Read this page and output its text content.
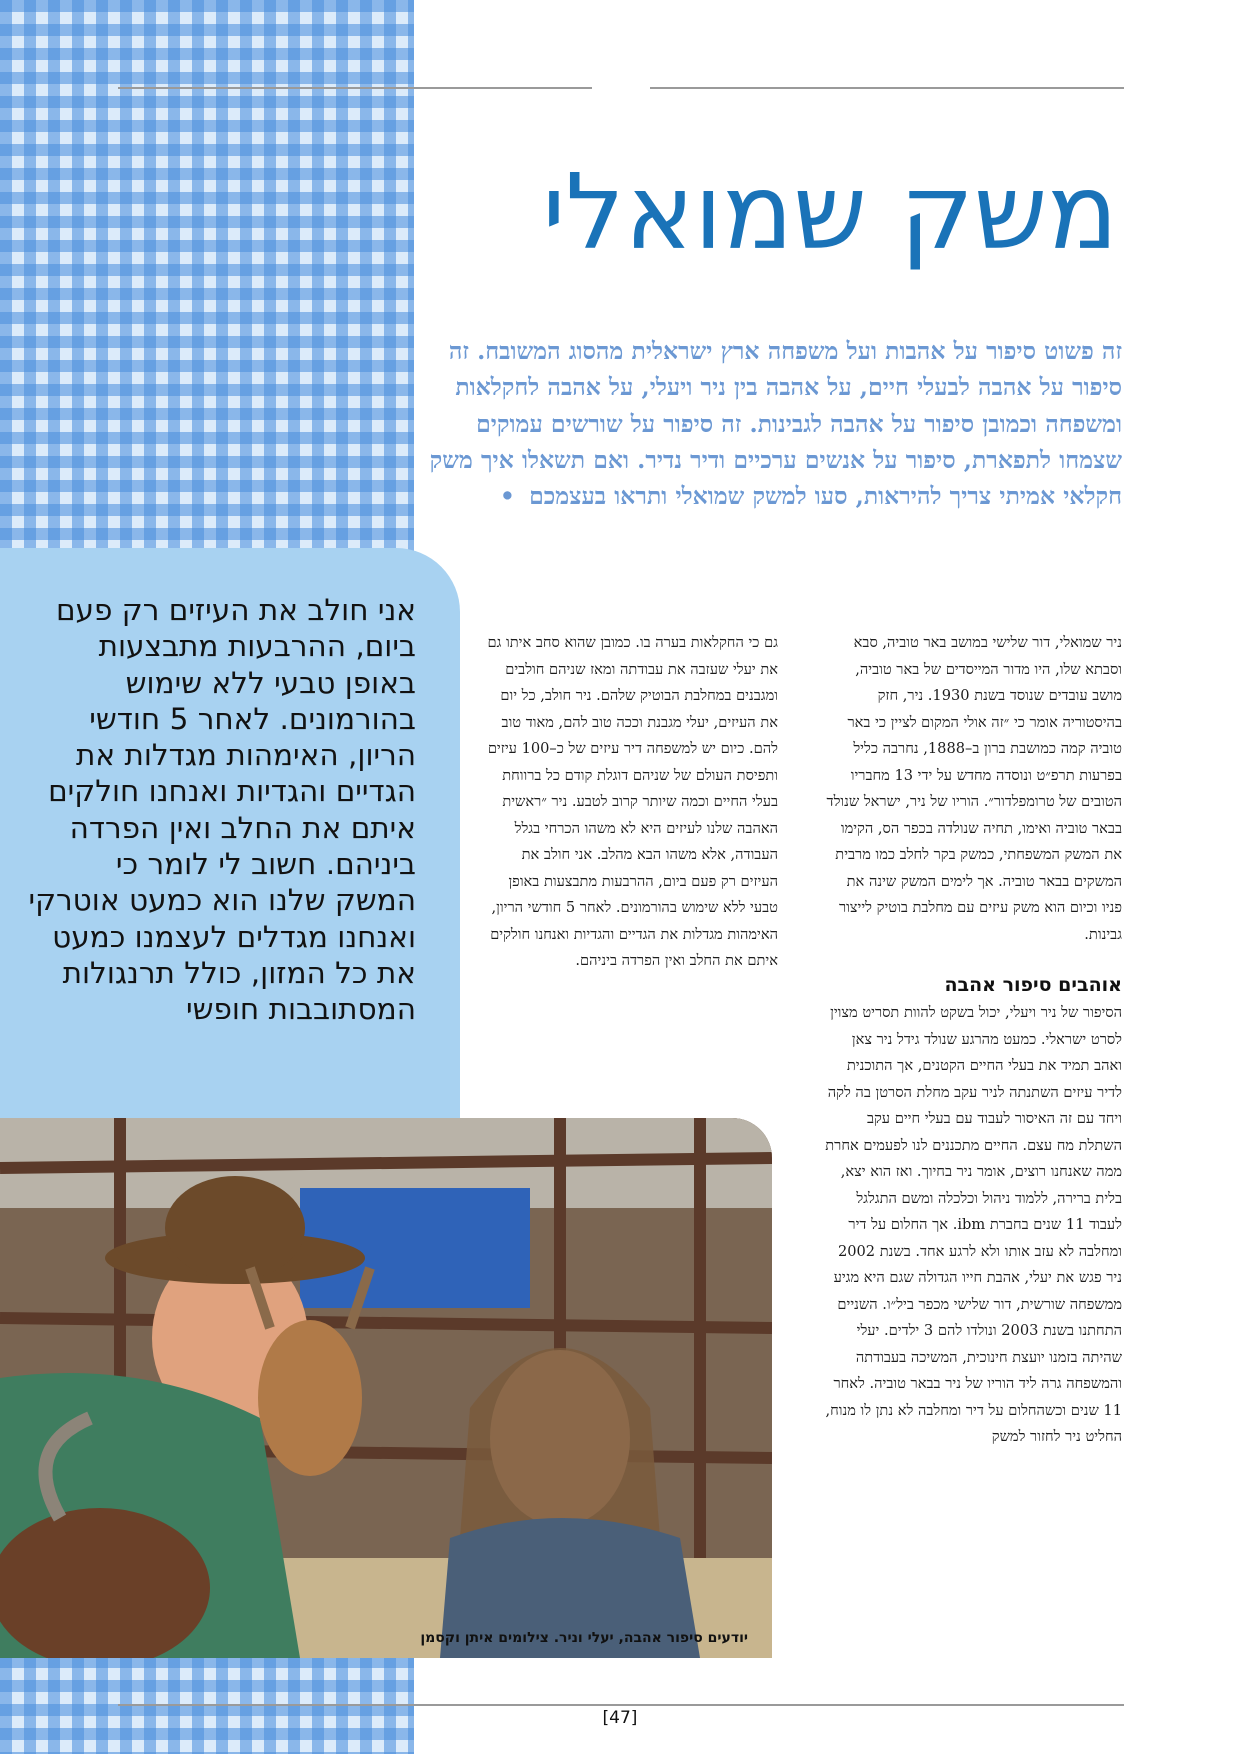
משק שמואלי

זה פשוט סיפור על אהבות ועל משפחה ארץ ישראלית מהסוג המשובח. זה סיפור על אהבה לבעלי חיים, על אהבה בין ניר ויעלי, על אהבה לחקלאות ומשפחה וכמובן סיפור על אהבה לגבינות. זה סיפור על שורשים עמוקים שצמחו לתפארת, סיפור על אנשים ערכיים ודיר נדיר. ואם תשאלו איך משק חקלאי אמיתי צריך להיראות, סעו למשק שמואלי ותראו בעצמכם •

ניר שמואלי, דור שלישי במושב באר טוביה, סבא וסבתא שלו, היו מדור המייסדים של באר טוביה, מושב עובדים שנוסד בשנת 1930. ניר, חזק בהיסטוריה אומר כי ״זה אולי המקום לציין כי באר טוביה קמה כמושבת ברון ב–1888, נחרבה כליל בפרעות תרפ״ט ונוסדה מחדש על ידי 13 מחבריו הטובים של טרומפלדור״. הוריו של ניר, ישראל שנולד בבאר טוביה ואימו, תחיה שנולדה בכפר הס, הקימו את המשק המשפחתי, כמשק בקר לחלב כמו מרבית המשקים בבאר טוביה. אך לימים המשק שינה את פניו וכיום הוא משק עיזים עם מחלבת בוטיק לייצור גבינות.

אוהבים סיפור אהבה

הסיפור של ניר ויעלי, יכול בשקט להוות תסריט מצוין לסרט ישראלי. כמעט מהרגע שנולד גידל ניר צאן ואהב תמיד את בעלי החיים הקטנים, אך התוכנית לדיר עיזים השתנתה לניר עקב מחלת הסרטן בה לקה ויחד עם זה האיסור לעבוד עם בעלי חיים עקב השתלת מח עצם. החיים מתכננים לנו לפעמים אחרת ממה שאנחנו רוצים, אומר ניר בחיוך. ואז הוא יצא, בלית ברירה, ללמוד ניהול וכלכלה ומשם התגלגל לעבוד 11 שנים בחברת ibm. אך החלום על דיר ומחלבה לא עזב אותו ולא לרגע אחד. בשנת 2002 ניר פגש את יעלי, אהבת חייו הגדולה שגם היא מגיע ממשפחה שורשית, דור שלישי מכפר ביל״ו. השניים התחתנו בשנת 2003 ונולדו להם 3 ילדים. יעלי שהיתה בזמנו יועצת חינוכית, המשיכה בעבודתה והמשפחה גרה ליד הוריו של ניר בבאר טוביה. לאחר 11 שנים וכשהחלום על דיר ומחלבה לא נתן לו מנוח, החליט ניר לחזור למשק

גם כי החקלאות בערה בו. כמובן שהוא סחב איתו גם את יעלי שעזבה את עבודתה ומאז שניהם חולבים ומגבנים במחלבת הבוטיק שלהם. ניר חולב, כל יום את העיזים, יעלי מגבנת וככה טוב להם, מאוד טוב להם. כיום יש למשפחה דיר עיזים של כ–100 עיזים ותפיסת העולם של שניהם דוגלת קודם כל ברווחת בעלי החיים וכמה שיותר קרוב לטבע. ניר ״ראשית האהבה שלנו לעיזים היא לא משהו הכרחי בגלל העבודה, אלא משהו הבא מהלב. אני חולב את העיזים רק פעם ביום, ההרבעות מתבצעות באופן טבעי ללא שימוש בהורמונים. לאחר 5 חודשי הריון, האימהות מגדלות את הגדיים והגדיות ואנחנו חולקים איתם את החלב ואין הפרדה ביניהם.

אני חולב את העיזים רק פעם ביום, ההרבעות מתבצעות באופן טבעי ללא שימוש בהורמונים. לאחר 5 חודשי הריון, האימהות מגדלות את הגדיים והגדיות ואנחנו חולקים איתם את החלב ואין הפרדה ביניהם. חשוב לי לומר כי המשק שלנו הוא כמעט אוטרקי ואנחנו מגדלים לעצמנו כמעט את כל המזון, כולל תרנגולות המסתובבות חופשי

יודעים סיפור אהבה, יעלי וניר. צילומים איתן וקסמן

[47]
